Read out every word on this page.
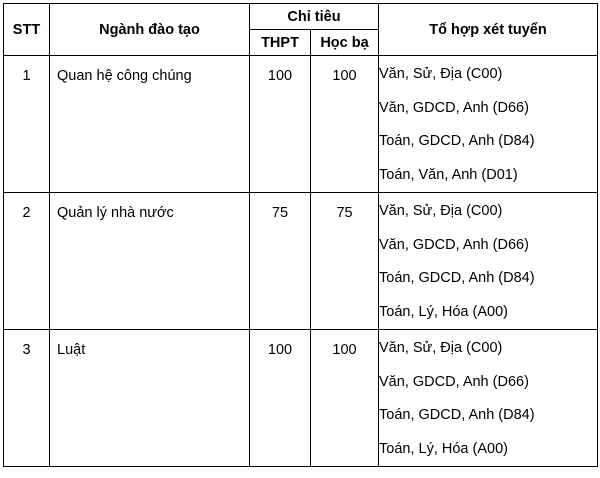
STT	Ngành đào tạo	Chỉ tiêu		Tổ hợp xét tuyển
		THPT	Học bạ	

1	Quan hệ công chúng	100	100	Văn, Sử, Địa (C00)
Văn, GDCD, Anh (D66)
Toán, GDCD, Anh (D84)
Toán, Văn, Anh (D01)

2	Quản lý nhà nước	75	75	Văn, Sử, Địa (C00)
Văn, GDCD, Anh (D66)
Toán, GDCD, Anh (D84)
Toán, Lý, Hóa (A00)

3	Luật	100	100	Văn, Sử, Địa (C00)
Văn, GDCD, Anh (D66)
Toán, GDCD, Anh (D84)
Toán, Lý, Hóa (A00)
